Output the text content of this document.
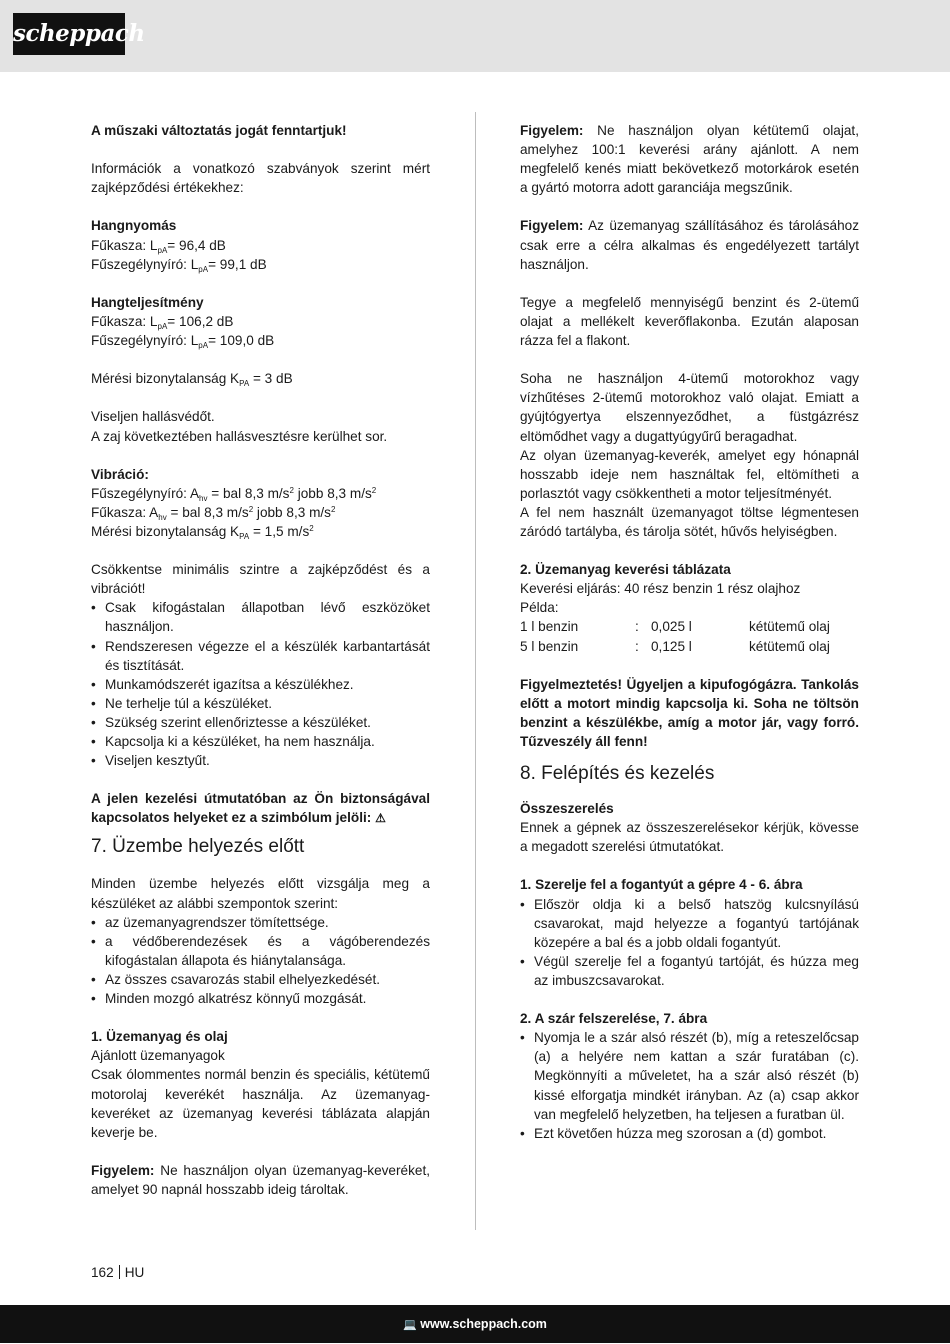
scheppach

A műszaki változtatás jogát fenntartjuk!

Információk a vonatkozó szabványok szerint mért zajképződési értékekhez:

Hangnyomás

Fűkasza: $L_{pA}= 96,4$ dB

Fűszegélynyíró: $L_{pA}= 99,1$ dB

Hangteljesítmény

Fűkasza: $L_{pA}= 106,2$ dB

Fűszegélynyíró: $L_{pA}= 109,0$ dB

Mérési bizonytalanság $K_{PA} = 3$ dB

Viseljen hallásvédőt.

A zaj következtében hallásvesztésre kerülhet sor.

Vibráció:

Fűszegélynyíró: $A_{hv}$ = bal 8,3 $m/s^2$ jobb 8,3 $m/s^2$

Fűkasza: $A_{hv}$ = bal 8,3 $m/s^2$ jobb 8,3 $m/s^2$

Mérési bizonytalanság $K_{PA} = 1,5$ $m/s^2$

Csökkentse minimális szintre a zajképződést és a vibrációt!

• Csak kifogástalan állapotban lévő eszközöket használjon.
• Rendszeresen végezze el a készülék karbantartását és tisztítását.
• Munkamódszerét igazítsa a készülékhez.
• Ne terhelje túl a készüléket.
• Szükség szerint ellenőriztesse a készüléket.
• Kapcsolja ki a készüléket, ha nem használja.
• Viseljen kesztyűt.

A jelen kezelési útmutatóban az Ön biztonságával kapcsolatos helyeket ez a szimbólum jelöli: ⚠

7. Üzembe helyezés előtt

Minden üzembe helyezés előtt vizsgálja meg a készüléket az alábbi szempontok szerint:

• az üzemanyagrendszer tömítettsége.
• a védőberendezések és a vágóberendezés kifogástalan állapota és hiánytalansága.
• Az összes csavarozás stabil elhelyezkedését.
• Minden mozgó alkatrész könnyű mozgását.

1. Üzemanyag és olaj

Ajánlott üzemanyagok

Csak ólommentes normál benzin és speciális, kétütemű motorolaj keverékét használja. Az üzemanyag-keveréket az üzemanyag keverési táblázata alapján keverje be.

Figyelem: Ne használjon olyan üzemanyag-keveréket, amelyet 90 napnál hosszabb ideig tároltak.

Figyelem: Ne használjon olyan kétütemű olajat, amelyhez 100:1 keverési arány ajánlott. A nem megfelelő kenés miatt bekövetkező motorkárok esetén a gyártó motorra adott garanciája megszűnik.

Figyelem: Az üzemanyag szállításához és tárolásához csak erre a célra alkalmas és engedélyezett tartályt használjon.

Tegye a megfelelő mennyiségű benzint és 2-ütemű olajat a mellékelt keverőflakonba. Ezután alaposan rázza fel a flakont.

Soha ne használjon 4-ütemű motorokhoz vagy vízhűtéses 2-ütemű motorokhoz való olajat. Emiatt a gyújtógyertya elszennyeződhet, a füstgázrész eltömődhet vagy a dugattyúgyűrű beragadhat.

Az olyan üzemanyag-keverék, amelyet egy hónapnál hosszabb ideje nem használtak fel, eltömítheti a porlasztót vagy csökkentheti a motor teljesítményét.

A fel nem használt üzemanyagot töltse légmentesen záródó tartályba, és tárolja sötét, hűvős helyiségben.

2. Üzemanyag keverési táblázata

Keverési eljárás: 40 rész benzin 1 rész olajhoz

Példa:

1 l benzin	: 0,025 l	kétütemű olaj
5 l benzin	: 0,125 l	kétütemű olaj

Figyelmeztetés! Ügyeljen a kipufogógázra. Tankolás előtt a motort mindig kapcsolja ki. Soha ne töltsön benzint a készülékbe, amíg a motor jár, vagy forró. Tűzveszély áll fenn!

8. Felépítés és kezelés

Összeszerelés

Ennek a gépnek az összeszerelésekor kérjük, kövesse a megadott szerelési útmutatókat.

1. Szerelje fel a fogantyút a gépre 4 - 6. ábra

• Először oldja ki a belső hatszög kulcsnyílású csavarokat, majd helyezze a fogantyú tartójának közepére a bal és a jobb oldali fogantyút.
• Végül szerelje fel a fogantyú tartóját, és húzza meg az imbuszcsavarokat.

2. A szár felszerelése, 7. ábra

• Nyomja le a szár alsó részét (b), míg a reteszelőcsap (a) a helyére nem kattan a szár furatában (c). Megkönnyíti a műveletet, ha a szár alsó részét (b) kissé elforgatja mindkét irányban. Az (a) csap akkor van megfelelő helyzetben, ha teljesen a furatban ül.
• Ezt követően húzza meg szorosan a (d) gombot.
162 HU
💻 www.scheppach.com
